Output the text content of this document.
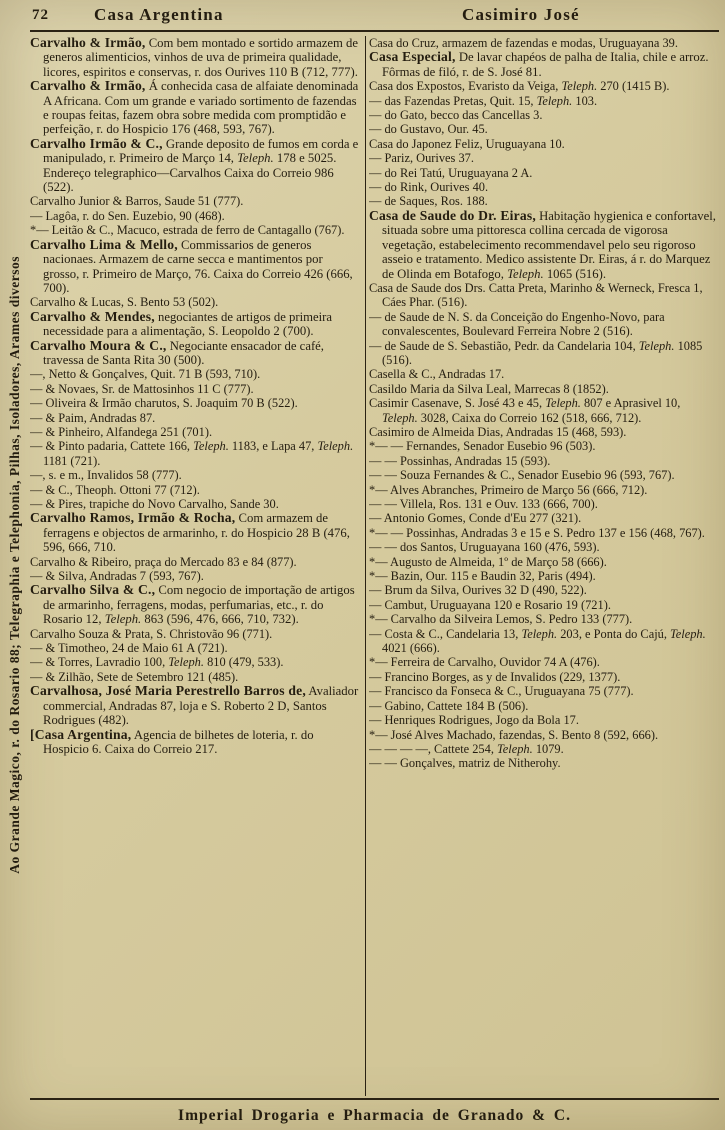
Ao Grande Magico, r. do Rosario 88; Telegraphia e Telephonia, Pilhas, Isoladores, Arames diversos
72	Casa Argentina	Casimiro José

Carvalho & Irmão, Com bem montado e sortido armazem de generos alimenticios, vinhos de uva de primeira qualidade, licores, espiritos e conservas, r. dos Ourives 110 B (712, 777).

Carvalho & Irmão, Á conhecida casa de alfaiate denominada A Africana. Com um grande e variado sortimento de fazendas e roupas feitas, fazem obra sobre medida com promptidão e perfeição, r. do Hospicio 176 (468, 593, 767).

Carvalho Irmão & C., Grande deposito de fumos em corda e manipulado, r. Primeiro de Março 14, Teleph. 178 e 5025. Endereço telegraphico—Carvalhos Caixa do Correio 986 (522).

Carvalho Junior & Barros, Saude 51 (777).

— Lagôa, r. do Sen. Euzebio, 90 (468).

*— Leitão & C., Macuco, estrada de ferro de Cantagallo (767).

Carvalho Lima & Mello, Commissarios de generos nacionaes. Armazem de carne secca e mantimentos por grosso, r. Primeiro de Março, 76. Caixa do Correio 426 (666, 700).

Carvalho & Lucas, S. Bento 53 (502).

Carvalho & Mendes, negociantes de artigos de primeira necessidade para a alimentação, S. Leopoldo 2 (700).

Carvalho Moura & C., Negociante ensacador de café, travessa de Santa Rita 30 (500).

—, Netto & Gonçalves, Quit. 71 B (593, 710).

— & Novaes, Sr. de Mattosinhos 11 C (777).

— Oliveira & Irmão charutos, S. Joaquim 70 B (522).

— & Paim, Andradas 87.

— & Pinheiro, Alfandega 251 (701).

— & Pinto padaria, Cattete 166, Teleph. 1183, e Lapa 47, Teleph. 1181 (721).

—, s. e m., Invalidos 58 (777).

— & C., Theoph. Ottoni 77 (712).

— & Pires, trapiche do Novo Carvalho, Sande 30.

Carvalho Ramos, Irmão & Rocha, Com armazem de ferragens e objectos de armarinho, r. do Hospicio 28 B (476, 596, 666, 710.

Carvalho & Ribeiro, praça do Mercado 83 e 84 (877).

— & Silva, Andradas 7 (593, 767).

Carvalho Silva & C., Com negocio de importação de artigos de armarinho, ferragens, modas, perfumarias, etc., r. do Rosario 12, Teleph. 863 (596, 476, 666, 710, 732).

Carvalho Souza & Prata, S. Christovão 96 (771).

— & Timotheo, 24 de Maio 61 A (721).

— & Torres, Lavradio 100, Teleph. 810 (479, 533).

— & Zilhão, Sete de Setembro 121 (485).

Carvalhosa, José Maria Perestrello Barros de, Avaliador commercial, Andradas 87, loja e S. Roberto 2 D, Santos Rodrigues (482).

[Casa Argentina, Agencia de bilhetes de loteria, r. do Hospicio 6. Caixa do Correio 217.

Casa do Cruz, armazem de fazendas e modas, Uruguayana 39.

Casa Especial, De lavar chapéos de palha de Italia, chile e arroz. Fôrmas de filó, r. de S. José 81.

Casa dos Expostos, Evaristo da Veiga, Teleph. 270 (1415 B).

— das Fazendas Pretas, Quit. 15, Teleph. 103.

— do Gato, becco das Cancellas 3.

— do Gustavo, Our. 45.

Casa do Japonez Feliz, Uruguayana 10.

— Pariz, Ourives 37.

— do Rei Tatú, Uruguayana 2 A.

— do Rink, Ourives 40.

— de Saques, Ros. 188.

Casa de Saude do Dr. Eiras, Habitação hygienica e confortavel, situada sobre uma pittoresca collina cercada de vigorosa vegetação, estabelecimento recommendavel pelo seu rigoroso asseio e tratamento. Medico assistente Dr. Eiras, á r. do Marquez de Olinda em Botafogo, Teleph. 1065 (516).

Casa de Saude dos Drs. Catta Preta, Marinho & Werneck, Fresca 1, Cáes Phar. (516).

— de Saude de N. S. da Conceição do Engenho-Novo, para convalescentes, Boulevard Ferreira Nobre 2 (516).

— de Saude de S. Sebastião, Pedr. da Candelaria 104, Teleph. 1085 (516).

Casella & C., Andradas 17.

Casildo Maria da Silva Leal, Marrecas 8 (1852).

Casimir Casenave, S. José 43 e 45, Teleph. 807 e Aprasivel 10, Teleph. 3028, Caixa do Correio 162 (518, 666, 712).

Casimiro de Almeida Dias, Andradas 15 (468, 593).

*— — Fernandes, Senador Eusebio 96 (503).

— — Possinhas, Andradas 15 (593).

— — Souza Fernandes & C., Senador Eusebio 96 (593, 767).

*— Alves Abranches, Primeiro de Março 56 (666, 712).

— — Villela, Ros. 131 e Ouv. 133 (666, 700).

— Antonio Gomes, Conde d'Eu 277 (321).

*— — Possinhas, Andradas 3 e 15 e S. Pedro 137 e 156 (468, 767).

— — dos Santos, Uruguayana 160 (476, 593).

*— Augusto de Almeida, 1º de Março 58 (666).

*— Bazin, Our. 115 e Baudin 32, Paris (494).

— Brum da Silva, Ourives 32 D (490, 522).

— Cambut, Uruguayana 120 e Rosario 19 (721).

*— Carvalho da Silveira Lemos, S. Pedro 133 (777).

— Costa & C., Candelaria 13, Teleph. 203, e Ponta do Cajú, Teleph. 4021 (666).

*— Ferreira de Carvalho, Ouvidor 74 A (476).

— Francino Borges, as y de Invalidos (229, 1377).

— Francisco da Fonseca & C., Uruguayana 75 (777).

— Gabino, Cattete 184 B (506).

— Henriques Rodrigues, Jogo da Bola 17.

*— José Alves Machado, fazendas, S. Bento 8 (592, 666).

— — — —, Cattete 254, Teleph. 1079.

— — Gonçalves, matriz de Nitherohy.

Imperial Drogaria e Pharmacia de Granado & C.
